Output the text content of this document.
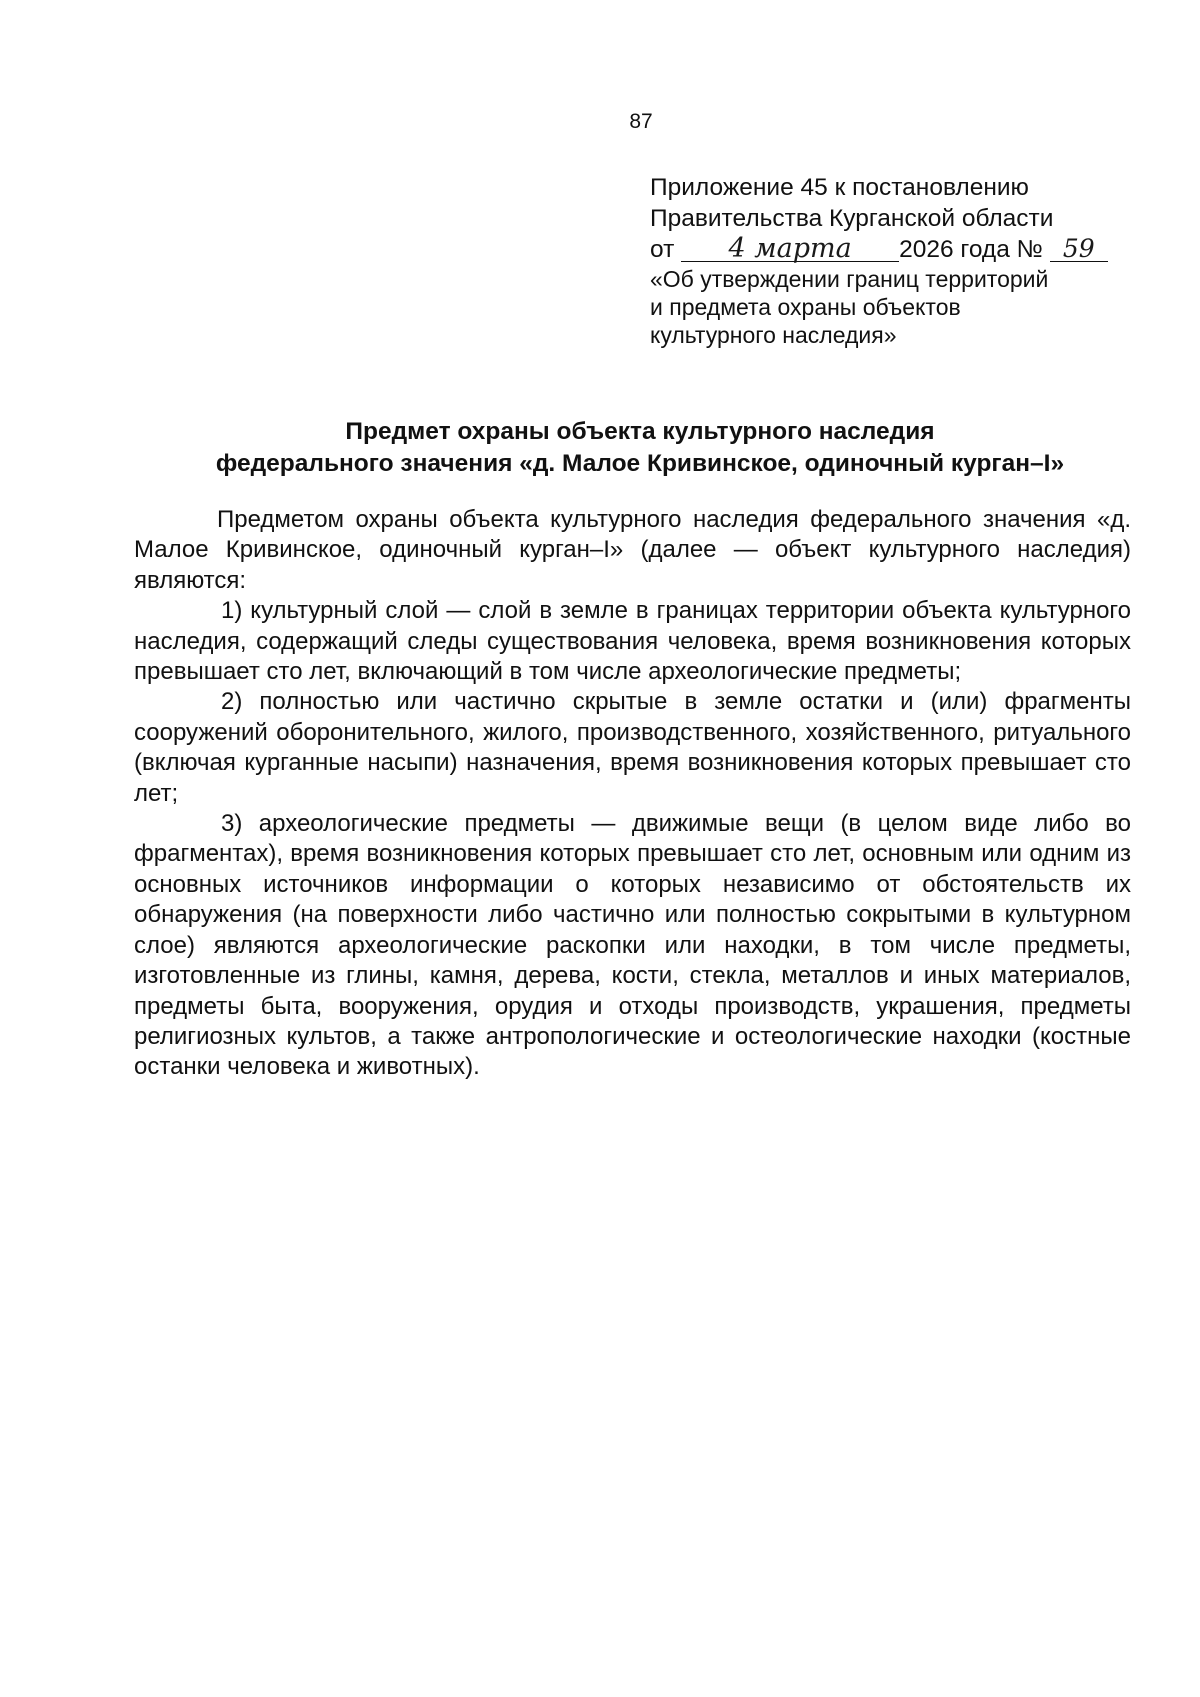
87
Приложение 45 к постановлению
Правительства Курганской области
от 4 марта 2026 года № 59
«Об утверждении границ территорий
и предмета охраны объектов
культурного наследия»
Предмет охраны объекта культурного наследия
федерального значения «д. Малое Кривинское, одиночный курган–I»

Предметом охраны объекта культурного наследия федерального значения «д. Малое Кривинское, одиночный курган–I» (далее — объект культурного наследия) являются:

1) культурный слой — слой в земле в границах территории объекта культурного наследия, содержащий следы существования человека, время возникновения которых превышает сто лет, включающий в том числе археологические предметы;

2) полностью или частично скрытые в земле остатки и (или) фрагменты сооружений оборонительного, жилого, производственного, хозяйственного, ритуального (включая курганные насыпи) назначения, время возникновения которых превышает сто лет;

3) археологические предметы — движимые вещи (в целом виде либо во фрагментах), время возникновения которых превышает сто лет, основным или одним из основных источников информации о которых независимо от обстоятельств их обнаружения (на поверхности либо частично или полностью сокрытыми в культурном слое) являются археологические раскопки или находки, в том числе предметы, изготовленные из глины, камня, дерева, кости, стекла, металлов и иных материалов, предметы быта, вооружения, орудия и отходы производств, украшения, предметы религиозных культов, а также антропологические и остеологические находки (костные останки человека и животных).
